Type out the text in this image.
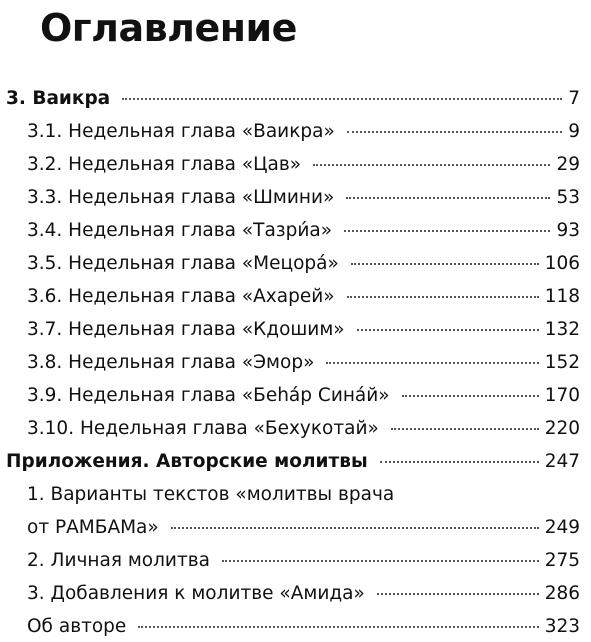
Оглавление
3. Ваикра	7
3.1. Недельная глава «Ваикра»	9
3.2. Недельная глава «Цав»	29
3.3. Недельная глава «Шмини»	53
3.4. Недельная глава «Тазри́а»	93
3.5. Недельная глава «Мецора́»	106
3.6. Недельная глава «Ахарей»	118
3.7. Недельная глава «Кдошим»	132
3.8. Недельная глава «Эмор»	152
3.9. Недельная глава «Беhа́р Сина́й»	170
3.10. Недельная глава «Бехукотай»	220
Приложения. Авторские молитвы	247
1. Варианты текстов «молитвы врача
от РАМБАМа»	249
2. Личная молитва	275
3. Добавления к молитве «Амида»	286
Об авторе	323
